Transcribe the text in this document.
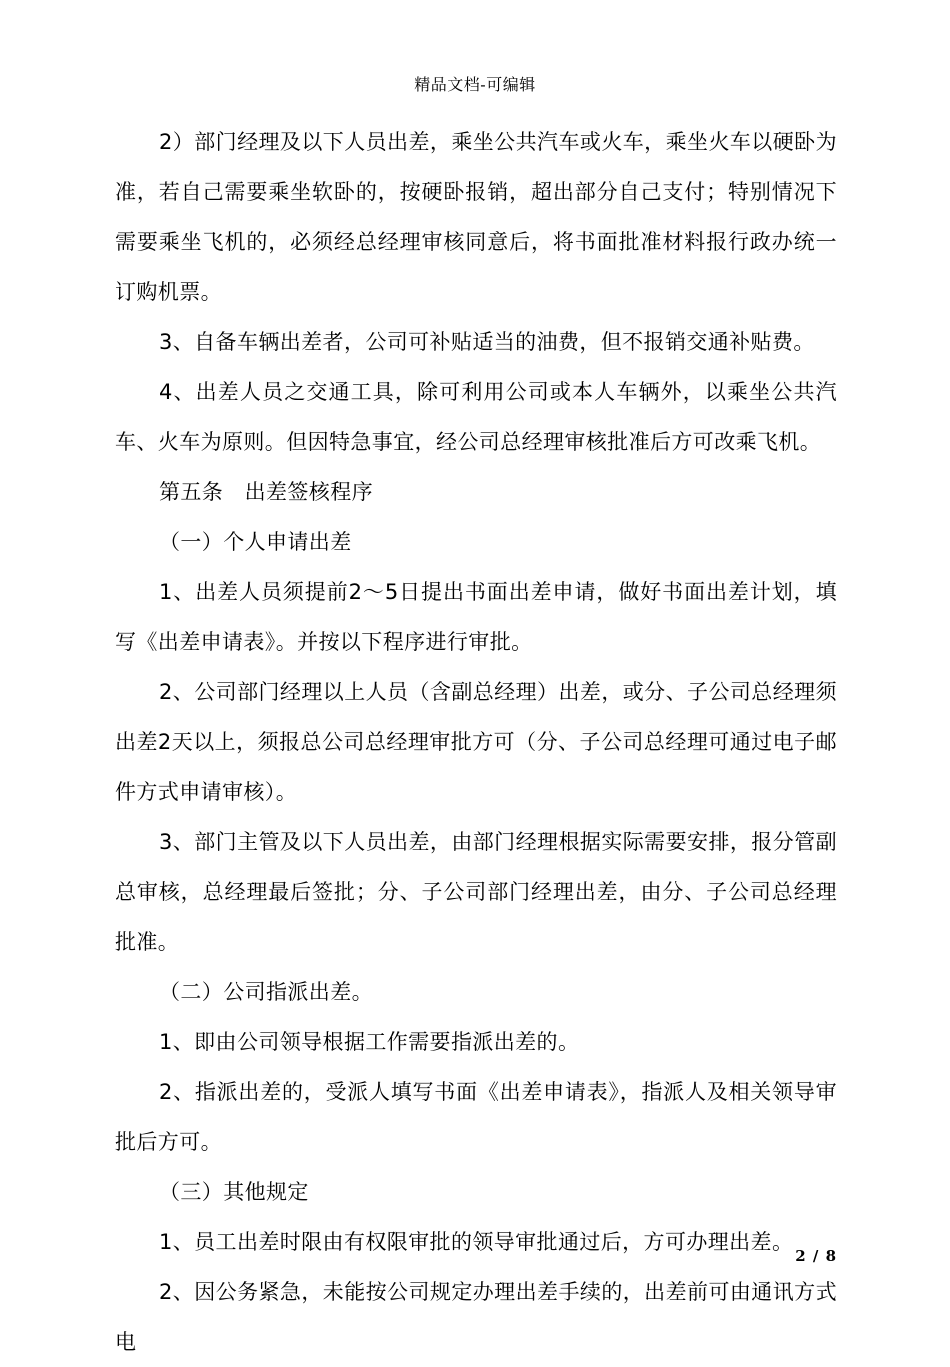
精品文档-可编辑

2）部门经理及以下人员出差，乘坐公共汽车或火车，乘坐火车以硬卧为准，若自己需要乘坐软卧的，按硬卧报销，超出部分自己支付；特别情况下需要乘坐飞机的，必须经总经理审核同意后，将书面批准材料报行政办统一订购机票。

3、自备车辆出差者，公司可补贴适当的油费，但不报销交通补贴费。

4、出差人员之交通工具，除可利用公司或本人车辆外，以乘坐公共汽车、火车为原则。但因特急事宜，经公司总经理审核批准后方可改乘飞机。

第五条　出差签核程序

（一）个人申请出差

1、出差人员须提前2～5日提出书面出差申请，做好书面出差计划，填写《出差申请表》。并按以下程序进行审批。

2、公司部门经理以上人员（含副总经理）出差，或分、子公司总经理须出差2天以上，须报总公司总经理审批方可（分、子公司总经理可通过电子邮件方式申请审核）。

3、部门主管及以下人员出差，由部门经理根据实际需要安排，报分管副总审核，总经理最后签批；分、子公司部门经理出差，由分、子公司总经理批准。

（二）公司指派出差。

1、即由公司领导根据工作需要指派出差的。

2、指派出差的，受派人填写书面《出差申请表》，指派人及相关领导审批后方可。

（三）其他规定

1、员工出差时限由有权限审批的领导审批通过后，方可办理出差。

2、因公务紧急，未能按公司规定办理出差手续的，出差前可由通讯方式电

2 / 8
